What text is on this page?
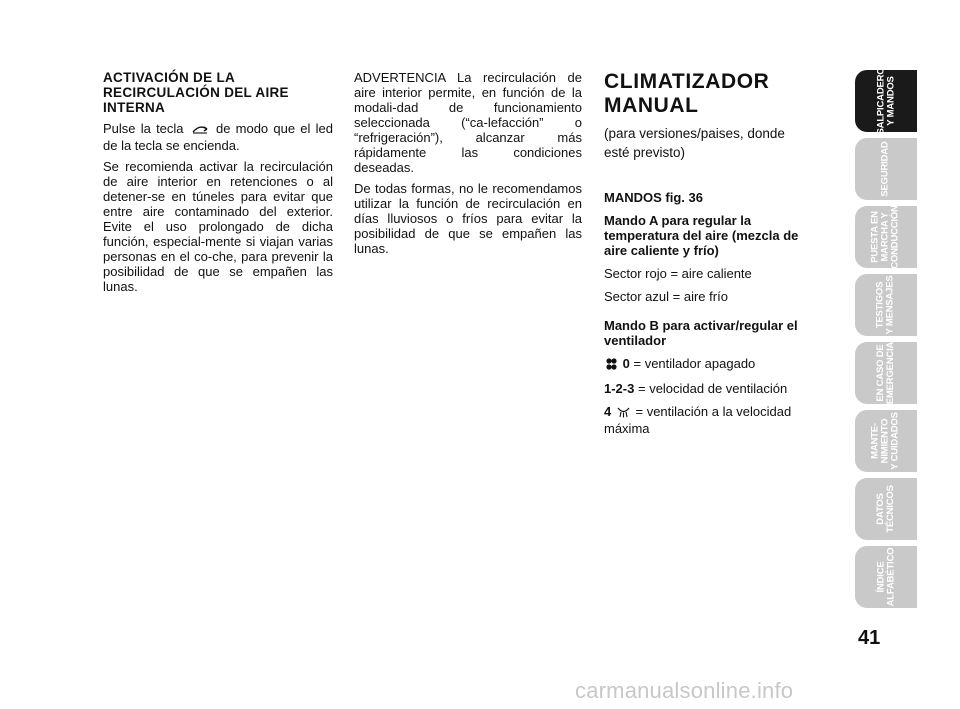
ACTIVACIÓN DE LA RECIRCULACIÓN DEL AIRE INTERNA

Pulse la tecla de modo que el led de la tecla se encienda.

Se recomienda activar la recirculación de aire interior en retenciones o al detener-se en túneles para evitar que entre aire contaminado del exterior. Evite el uso prolongado de dicha función, especial-mente si viajan varias personas en el co-che, para prevenir la posibilidad de que se empañen las lunas.

ADVERTENCIA La recirculación de aire interior permite, en función de la modali-dad de funcionamiento seleccionada (“ca-lefacción” o “refrigeración”), alcanzar más rápidamente las condiciones deseadas.

De todas formas, no le recomendamos utilizar la función de recirculación en días lluviosos o fríos para evitar la posibilidad de que se empañen las lunas.

CLIMATIZADOR MANUAL
(para versiones/paises, donde esté previsto)

MANDOS fig. 36

Mando A para regular la temperatura del aire (mezcla de aire caliente y frío)

Sector rojo = aire caliente

Sector azul = aire frío

Mando B para activar/regular el ventilador

0 = ventilador apagado

1-2-3 = velocidad de ventilación

4 = ventilación a la velocidad máxima

SALPICADERO
Y MANDOS
SEGURIDAD
PUESTA EN
MARCHA Y
CONDUCCIÓN
TESTIGOS
Y MENSAJES
EN CASO DE
EMERGENCIA
MANTE-
NIMIENTO
Y CUIDADOS
DATOS
TÉCNICOS
ÍNDICE
ALFABÉTICO
41
carmanualsonline.info
